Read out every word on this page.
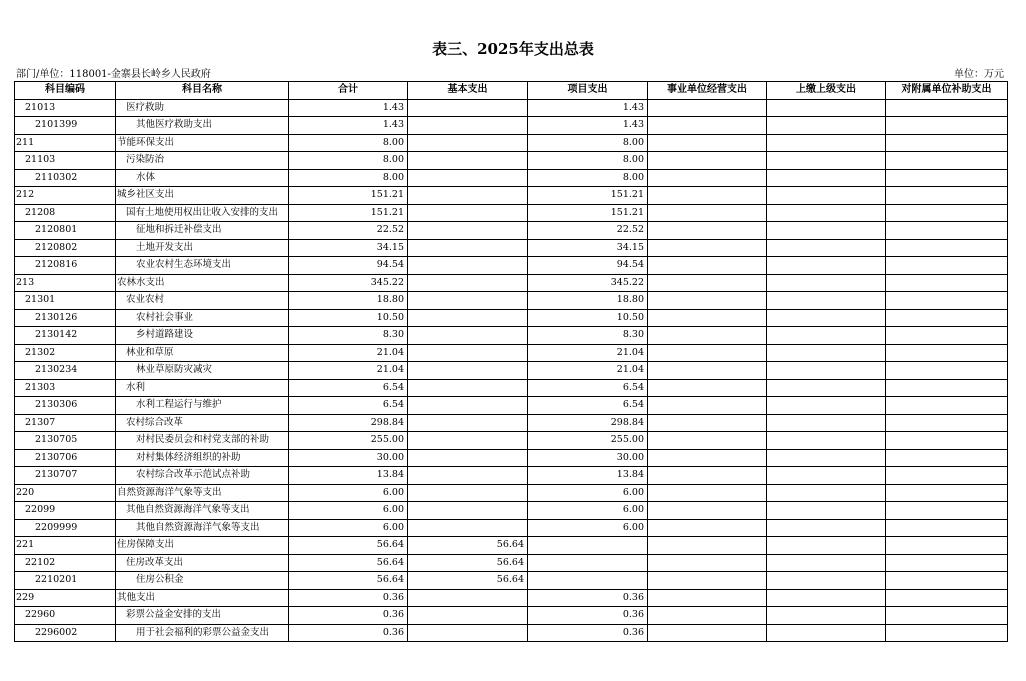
表三、2025年支出总表
部门/单位：118001-金寨县长岭乡人民政府	单位：万元
科目编码	科目名称	合计	基本支出	项目支出	事业单位经营支出	上缴上级支出	对附属单位补助支出
21013	医疗救助	1.43		1.43			
2101399	其他医疗救助支出	1.43		1.43			
211	节能环保支出	8.00		8.00			
21103	污染防治	8.00		8.00			
2110302	水体	8.00		8.00			
212	城乡社区支出	151.21		151.21			
21208	国有土地使用权出让收入安排的支出	151.21		151.21			
2120801	征地和拆迁补偿支出	22.52		22.52			
2120802	土地开发支出	34.15		34.15			
2120816	农业农村生态环境支出	94.54		94.54			
213	农林水支出	345.22		345.22			
21301	农业农村	18.80		18.80			
2130126	农村社会事业	10.50		10.50			
2130142	乡村道路建设	8.30		8.30			
21302	林业和草原	21.04		21.04			
2130234	林业草原防灾减灾	21.04		21.04			
21303	水利	6.54		6.54			
2130306	水利工程运行与维护	6.54		6.54			
21307	农村综合改革	298.84		298.84			
2130705	对村民委员会和村党支部的补助	255.00		255.00			
2130706	对村集体经济组织的补助	30.00		30.00			
2130707	农村综合改革示范试点补助	13.84		13.84			
220	自然资源海洋气象等支出	6.00		6.00			
22099	其他自然资源海洋气象等支出	6.00		6.00			
2209999	其他自然资源海洋气象等支出	6.00		6.00			
221	住房保障支出	56.64	56.64				
22102	住房改革支出	56.64	56.64				
2210201	住房公积金	56.64	56.64				
229	其他支出	0.36		0.36			
22960	彩票公益金安排的支出	0.36		0.36			
2296002	用于社会福利的彩票公益金支出	0.36		0.36			
